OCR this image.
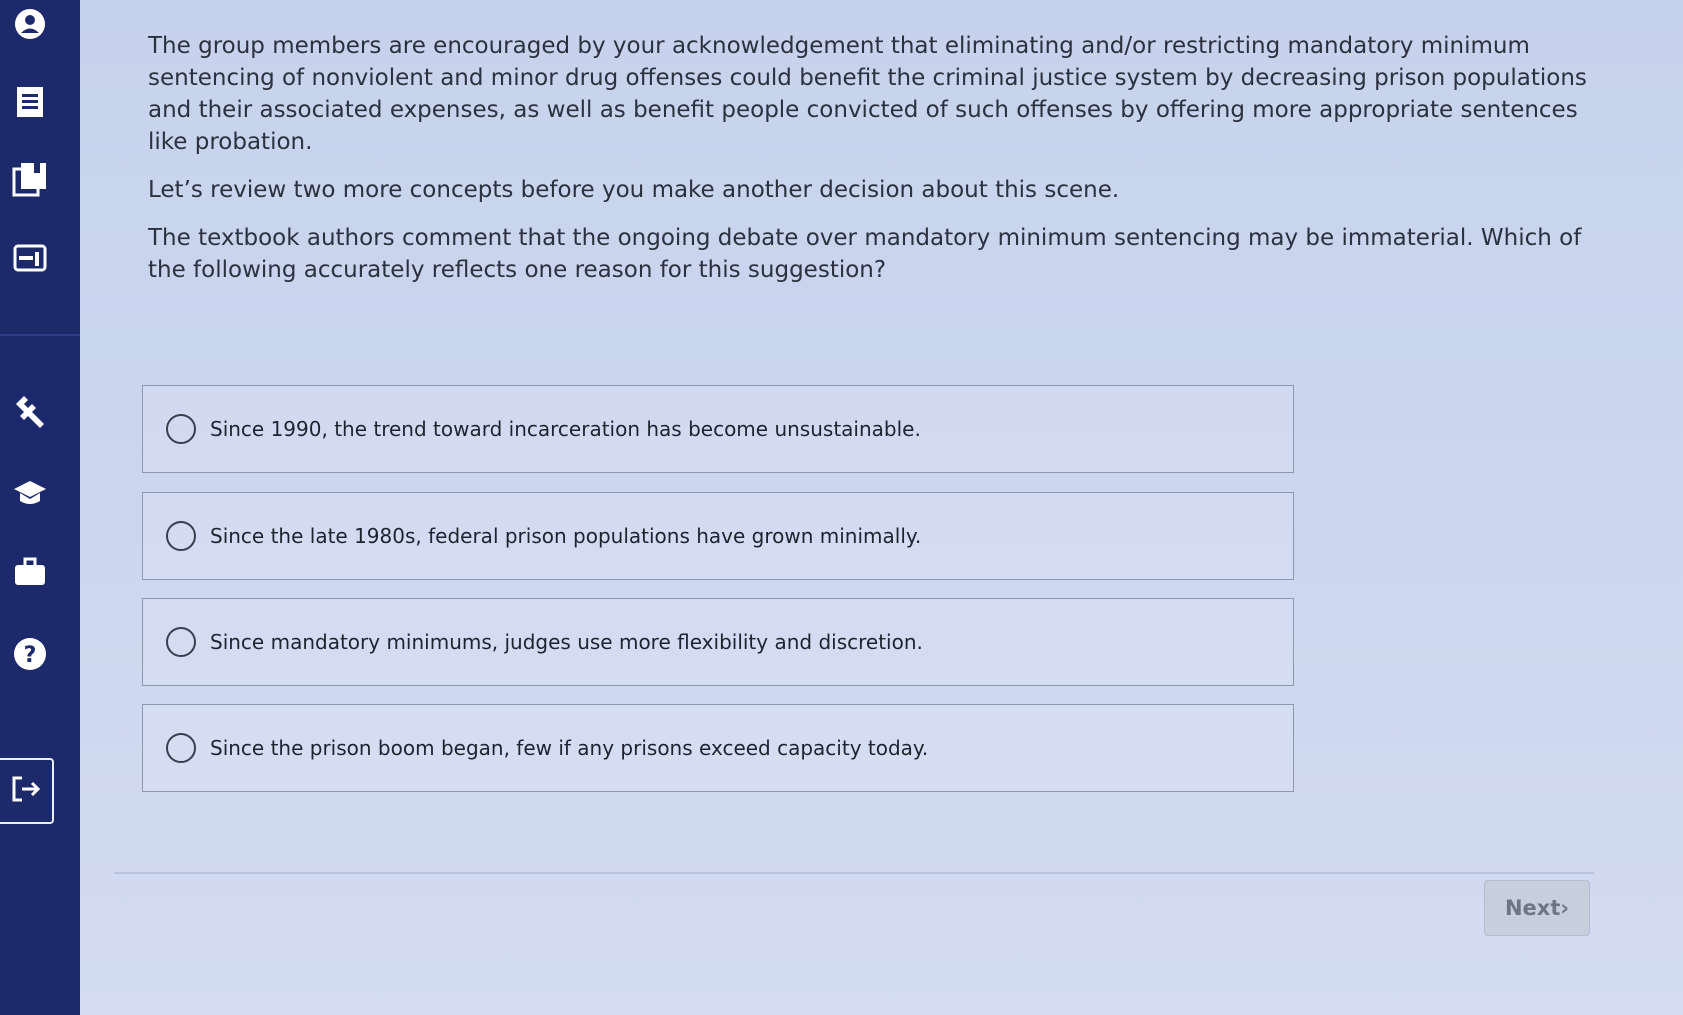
?

The group members are encouraged by your acknowledgement that eliminating and/or restricting mandatory minimum sentencing of nonviolent and minor drug offenses could benefit the criminal justice system by decreasing prison populations and their associated expenses, as well as benefit people convicted of such offenses by offering more appropriate sentences like probation.

Let’s review two more concepts before you make another decision about this scene.

The textbook authors comment that the ongoing debate over mandatory minimum sentencing may be immaterial. Which of the following accurately reflects one reason for this suggestion?

Since 1990, the trend toward incarceration has become unsustainable.
Since the late 1980s, federal prison populations have grown minimally.
Since mandatory minimums, judges use more flexibility and discretion.
Since the prison boom began, few if any prisons exceed capacity today.
Next›
